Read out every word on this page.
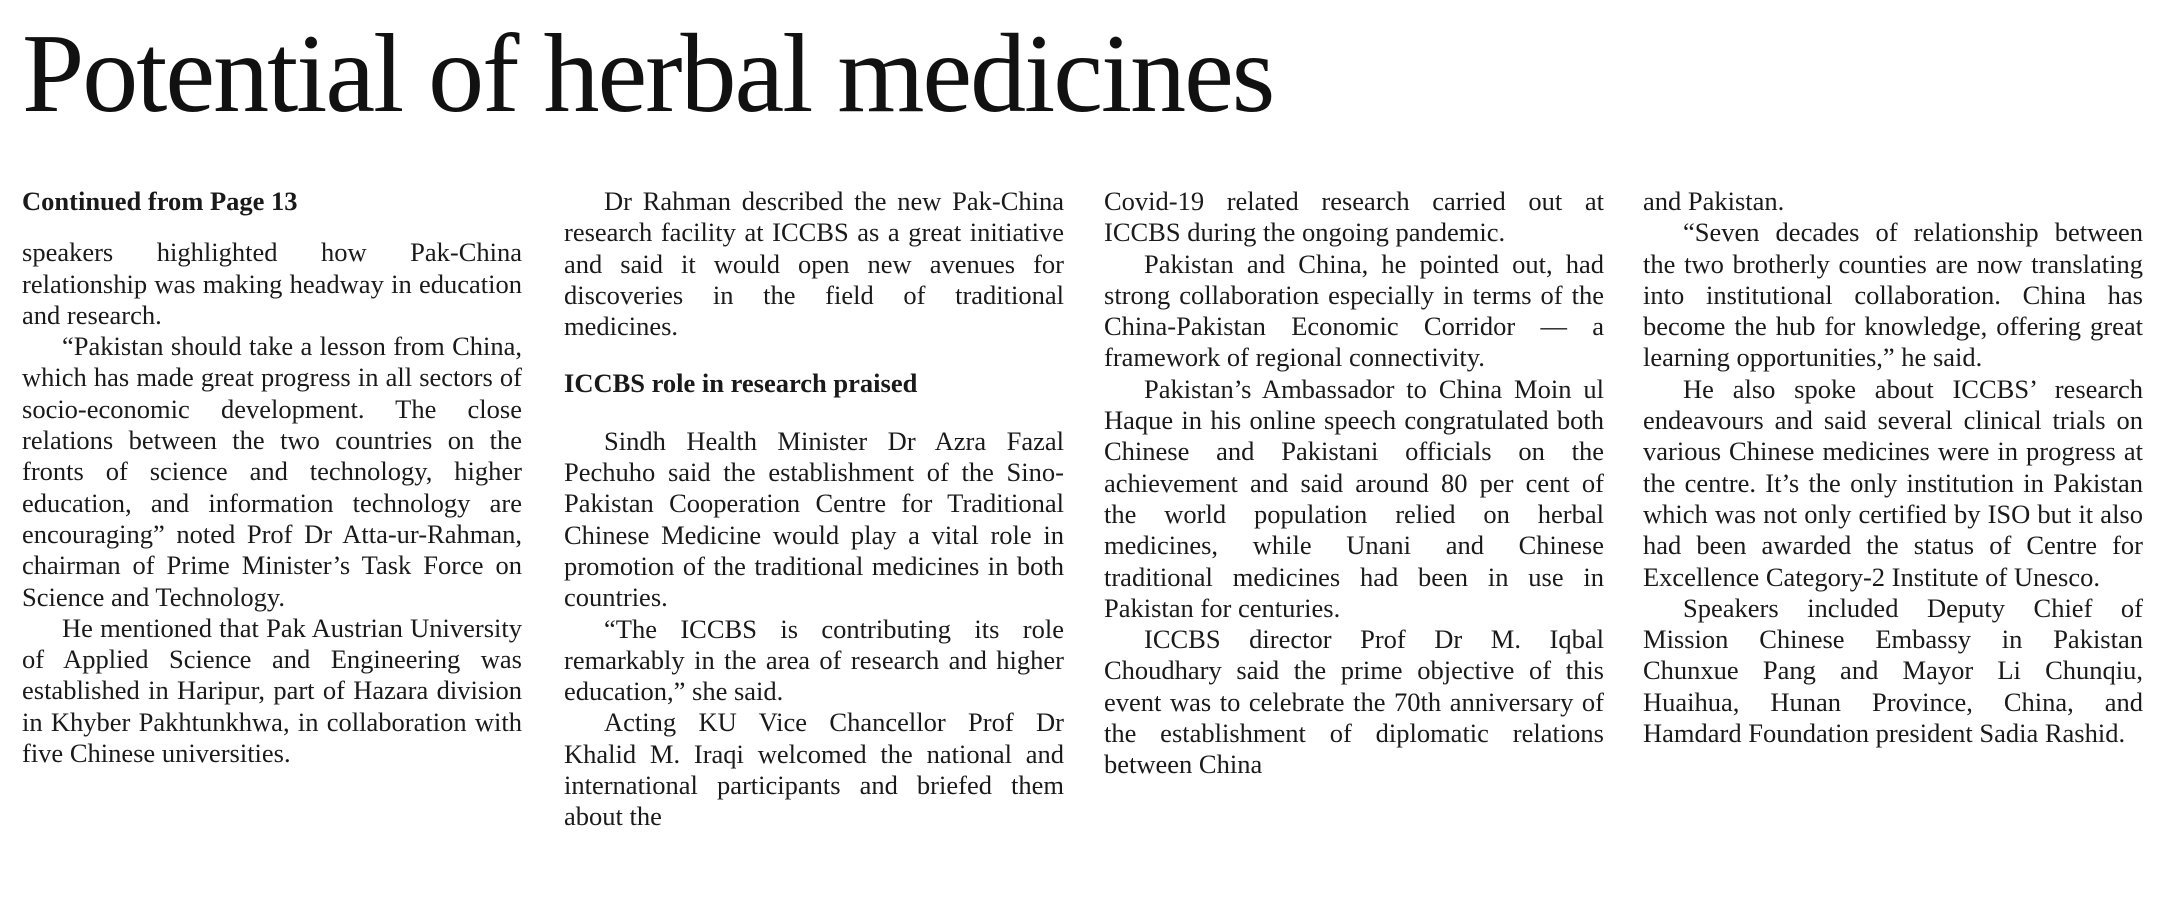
Potential of herbal medicines
Continued from Page 13

speakers highlighted how Pak-China relationship was making headway in education and research.

“Pakistan should take a lesson from China, which has made great progress in all sectors of socio-economic development. The close relations between the two countries on the fronts of science and technology, higher education, and information technology are encouraging” noted Prof Dr Atta-ur-Rahman, chairman of Prime Minister’s Task Force on Science and Technology.

He mentioned that Pak Austrian University of Applied Science and Engineering was established in Haripur, part of Hazara division in Khyber Pakhtunkhwa, in collaboration with five Chinese universities.

Dr Rahman described the new Pak-China research facility at ICCBS as a great initiative and said it would open new avenues for discoveries in the field of traditional medicines.

ICCBS role in research praised

Sindh Health Minister Dr Azra Fazal Pechuho said the establishment of the Sino-Pakistan Cooperation Centre for Traditional Chinese Medicine would play a vital role in promotion of the traditional medicines in both countries.

“The ICCBS is contributing its role remarkably in the area of research and higher education,” she said.

Acting KU Vice Chancellor Prof Dr Khalid M. Iraqi welcomed the national and international participants and briefed them about the

Covid-19 related research carried out at ICCBS during the ongoing pandemic.

Pakistan and China, he pointed out, had strong collaboration especially in terms of the China-Pakistan Economic Corridor — a framework of regional connectivity.

Pakistan’s Ambassador to China Moin ul Haque in his online speech congratulated both Chinese and Pakistani officials on the achievement and said around 80 per cent of the world population relied on herbal medicines, while Unani and Chinese traditional medicines had been in use in Pakistan for centuries.

ICCBS director Prof Dr M. Iqbal Choudhary said the prime objective of this event was to celebrate the 70th anniversary of the establishment of diplomatic relations between China

and Pakistan.

“Seven decades of relationship between the two brotherly counties are now translating into institutional collaboration. China has become the hub for knowledge, offering great learning opportunities,” he said.

He also spoke about ICCBS’ research endeavours and said several clinical trials on various Chinese medicines were in progress at the centre. It’s the only institution in Pakistan which was not only certified by ISO but it also had been awarded the status of Centre for Excellence Category-2 Institute of Unesco.

Speakers included Deputy Chief of Mission Chinese Embassy in Pakistan Chunxue Pang and Mayor Li Chunqiu, Huaihua, Hunan Province, China, and Hamdard Foundation president Sadia Rashid.
